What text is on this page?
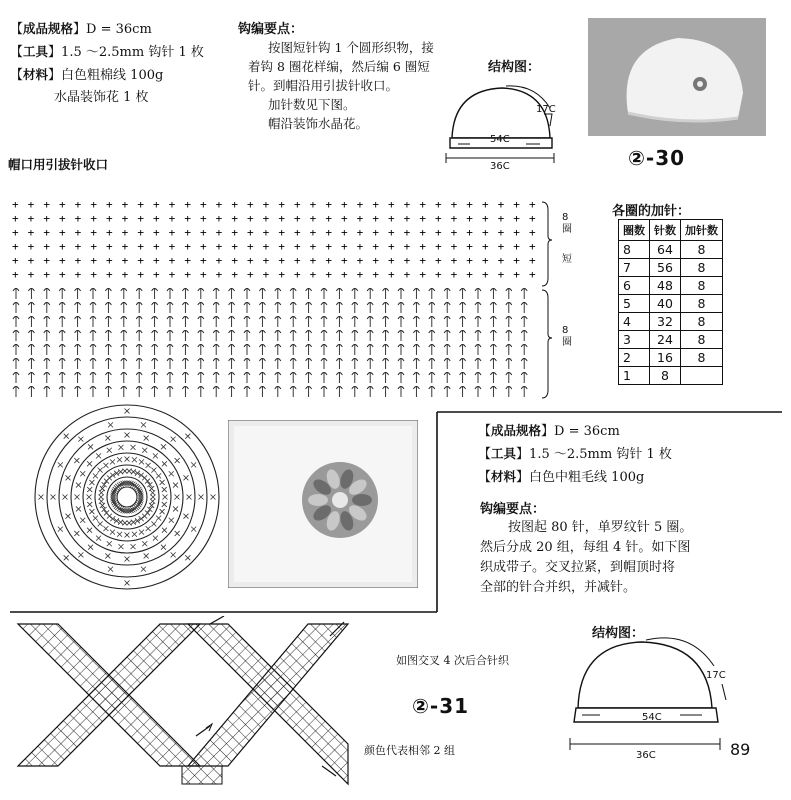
【成品规格】D = 36cm
【工具】1.5 ～2.5mm 钩针 1 枚
【材料】白色粗棉线 100g
水晶装饰花 1 枚
钩编要点：
按图短针钩 1 个圆形织物，接
着钩 8 圈花样编，然后编 6 圈短
针。到帽沿用引拔针收口。
加针数见下图。
帽沿装饰水晶花。
结构图：
17C
54C
36C	②-30
帽口用引拔针收口
++++++++++++++++++++++++++++++++++
++++++++++++++++++++++++++++++++++
++++++++++++++++++++++++++++++++++
++++++++++++++++++++++++++++++++++
++++++++++++++++++++++++++++++++++
++++++++++++++++++++++++++++++++++
8
圈
短
8
圈
各圈的加针：
圈数	针数	加针数
8	64	8
7	56	8
6	48	8
5	40	8
4	32	8
3	24	8
2	16	8
1	8	
【成品规格】D = 36cm
【工具】1.5 ～2.5mm 钩针 1 枚
【材料】白色中粗毛线 100g
钩编要点：
按图起 80 针，单罗纹针 5 圈。
然后分成 20 组，每组 4 针。如下图
织成带子。交叉拉紧，到帽顶时将
全部的针合并织，并减针。
结构图：
17C
54C
36C
如图交叉 4 次后合针织
②-31
颜色代表相邻 2 组	89
